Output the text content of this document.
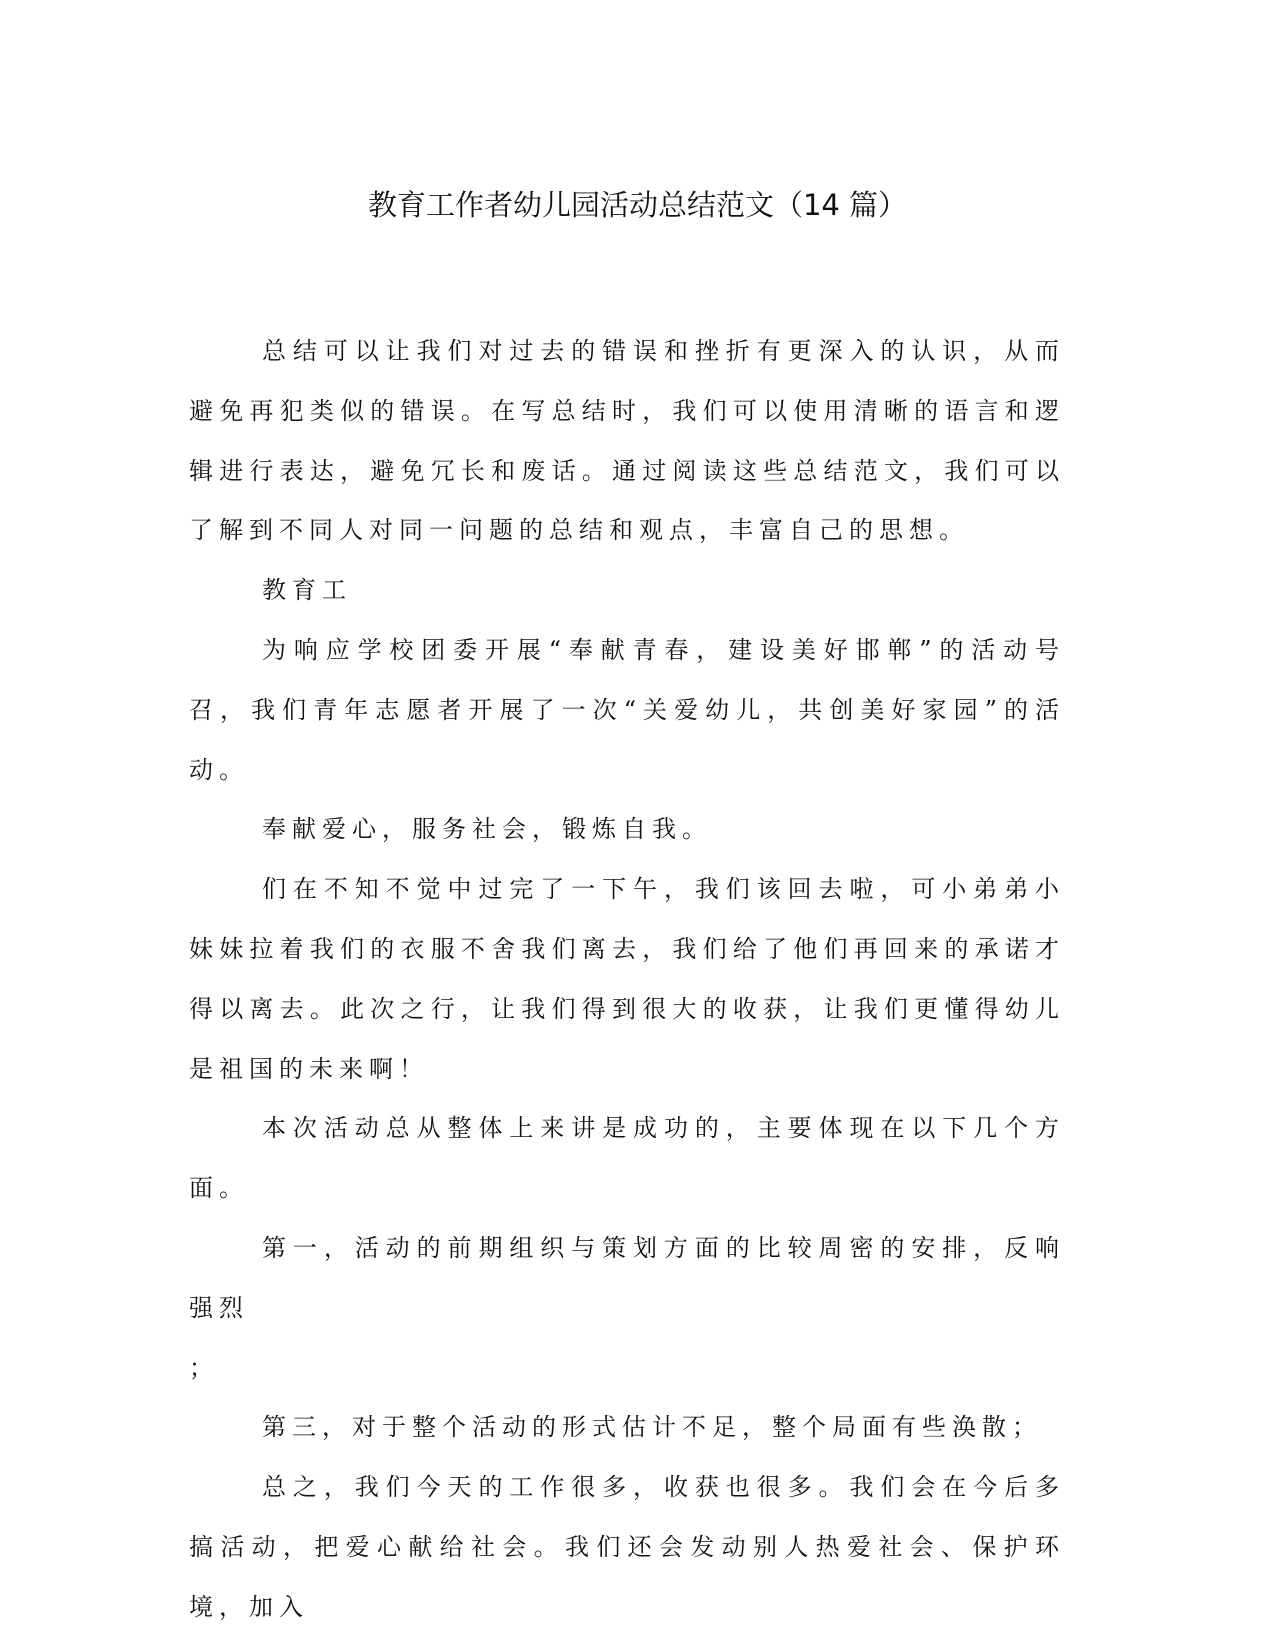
教育工作者幼儿园活动总结范文（14 篇）

总结可以让我们对过去的错误和挫折有更深入的认识，从而避免再犯类似的错误。在写总结时，我们可以使用清晰的语言和逻辑进行表达，避免冗长和废话。通过阅读这些总结范文，我们可以了解到不同人对同一问题的总结和观点，丰富自己的思想。

教育工

为响应学校团委开展“奉献青春，建设美好邯郸”的活动号召，我们青年志愿者开展了一次“关爱幼儿，共创美好家园”的活动。

奉献爱心，服务社会，锻炼自我。

们在不知不觉中过完了一下午，我们该回去啦，可小弟弟小妹妹拉着我们的衣服不舍我们离去，我们给了他们再回来的承诺才得以离去。此次之行，让我们得到很大的收获，让我们更懂得幼儿是祖国的未来啊！

本次活动总从整体上来讲是成功的，主要体现在以下几个方面。

第一，活动的前期组织与策划方面的比较周密的安排，反响强烈

；

第三，对于整个活动的形式估计不足，整个局面有些涣散；

总之，我们今天的工作很多，收获也很多。我们会在今后多搞活动，把爱心献给社会。我们还会发动别人热爱社会、保护环境，加入
